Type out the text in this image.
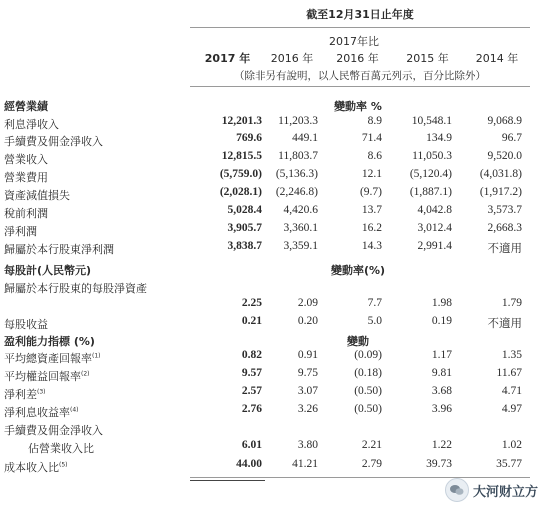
截至12月31日止年度
2017年比
2017 年	2016 年	2016 年	2015 年	2014 年
（除非另有說明，以人民幣百萬元列示，百分比除外）
經營業績	變動率 %
每股計(人民幣元)	變動率(%)
盈利能力指標 (%)	變動
利息淨收入	12,201.3 11,203.3	8.9	10,548.1	9,068.9
手續費及佣金淨收入	769.6	449.1	71.4	134.9	96.7
營業收入	12,815.5 11,803.7	8.6	11,050.3	9,520.0
營業費用	(5,759.0) (5,136.3)	12.1 (5,120.4) (4,031.8)
資產減值損失	(2,028.1) (2,246.8)	(9.7) (1,887.1) (1,917.2)
稅前利潤	5,028.4 4,420.6	13.7	4,042.8	3,573.7
淨利潤	3,905.7 3,360.1	16.2	3,012.4	2,668.3
歸屬於本行股東淨利潤	3,838.7 3,359.1	14.3	2,991.4	不適用
歸屬於本行股東的每股淨資產
2.25	2.09	7.7	1.98	1.79
每股收益	0.21	0.20	5.0	0.19	不適用
平均總資產回報率$^{(1)}$	0.82	0.91	(0.09)	1.17	1.35
平均權益回報率$^{(2)}$	9.57	9.75	(0.18)	9.81	11.67
淨利差$^{(3)}$	2.57	3.07	(0.50)	3.68	4.71
淨利息收益率$^{(4)}$	2.76	3.26	(0.50)	3.96	4.97
手續費及佣金淨收入
佔營業收入比	6.01	3.80	2.21	1.22	1.02
成本收入比$^{(5)}$	44.00	41.21	2.79	39.73	35.77
大河财立方
